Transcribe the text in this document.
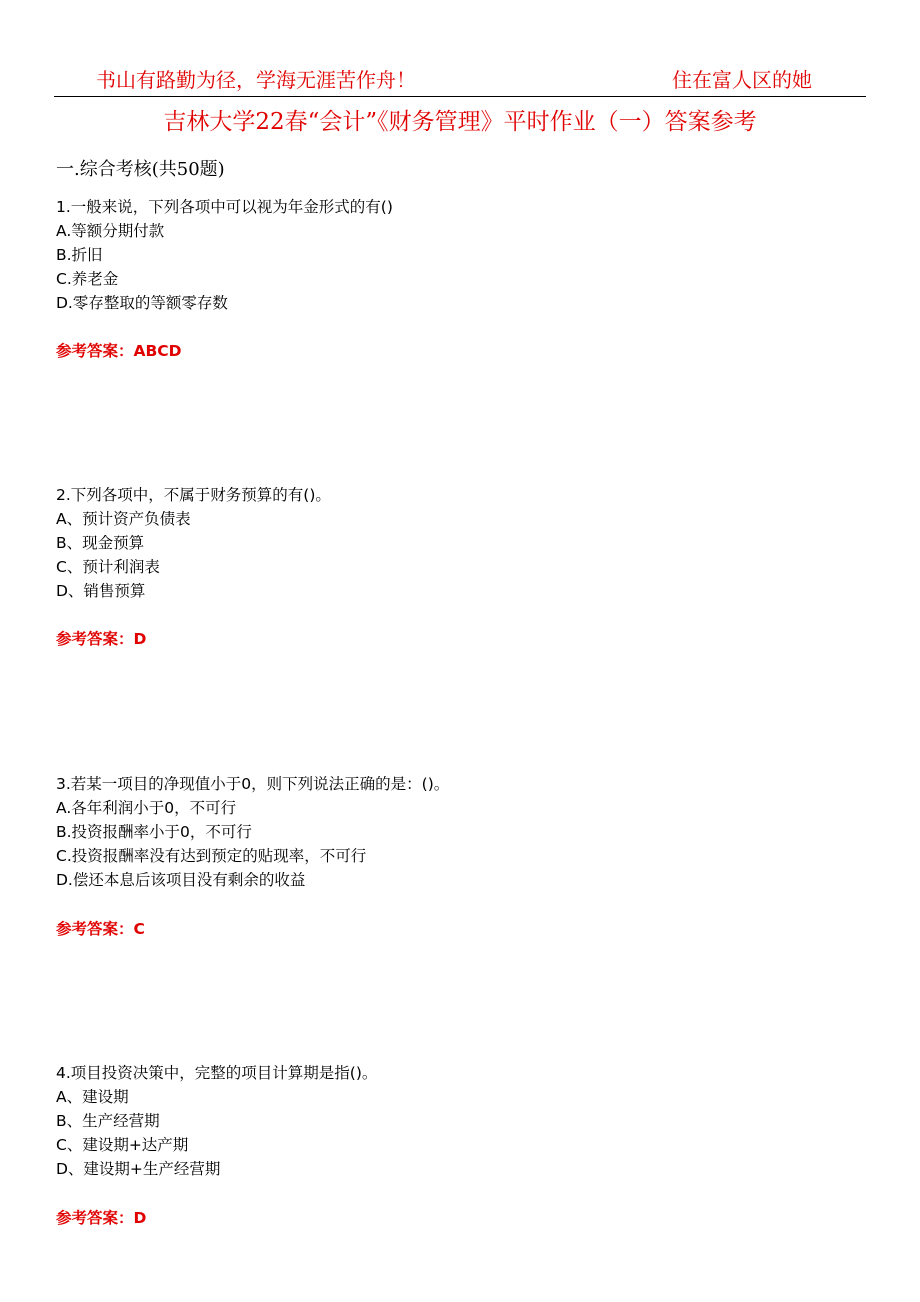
书山有路勤为径，学海无涯苦作舟！	住在富人区的她
吉林大学22春“会计”《财务管理》平时作业（一）答案参考
一.综合考核(共50题)
1.一般来说，下列各项中可以视为年金形式的有()
A.等额分期付款
B.折旧
C.养老金
D.零存整取的等额零存数
参考答案：ABCD
2.下列各项中，不属于财务预算的有()。
A、预计资产负债表
B、现金预算
C、预计利润表
D、销售预算
参考答案：D
3.若某一项目的净现值小于0，则下列说法正确的是：()。
A.各年利润小于0，不可行
B.投资报酬率小于0，不可行
C.投资报酬率没有达到预定的贴现率，不可行
D.偿还本息后该项目没有剩余的收益
参考答案：C
4.项目投资决策中，完整的项目计算期是指()。
A、建设期
B、生产经营期
C、建设期+达产期
D、建设期+生产经营期
参考答案：D
